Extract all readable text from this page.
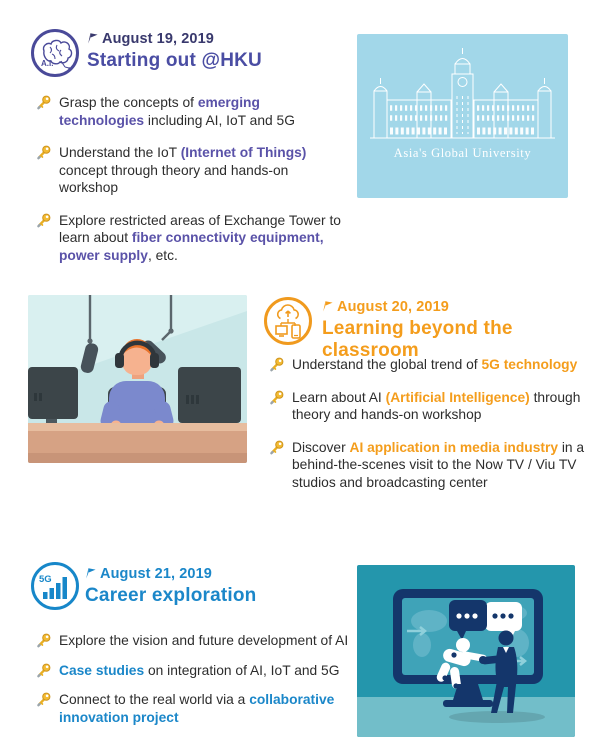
A.I.
August 19, 2019
Starting out @HKU

Grasp the concepts of emerging technologies including AI, IoT and 5G

Understand the IoT (Internet of Things) concept through theory and hands-on workshop

Explore restricted areas of Exchange Tower to learn about fiber connectivity equipment, power supply, etc.

Asia's Global University
August 20, 2019
Learning beyond the classroom

Understand the global trend of 5G technology

Learn about AI (Artificial Intelligence) through theory and hands-on workshop

Discover AI application in media industry in a behind-the-scenes visit to the Now TV / Viu TV studios and broadcasting center

5G	August 21, 2019
Career exploration

Explore the vision and future development of AI

Case studies on integration of AI, IoT and 5G

Connect to the real world via a collaborative innovation project
